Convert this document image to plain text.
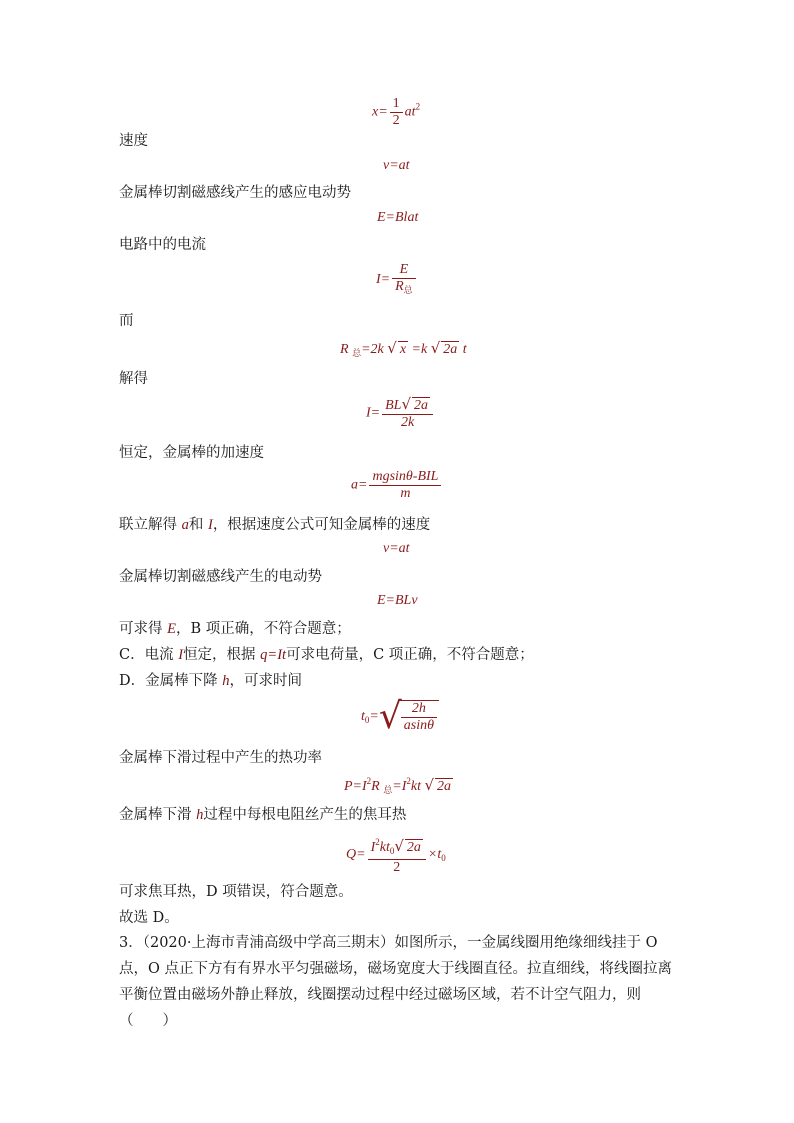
$x= \frac{1}{2} at^2$
速度
v=at
金属棒切割磁感线产生的感应电动势
E=Blat
电路中的电流
$I= \frac{E}{R_总}$
而
R $_总$=2k √ x =k √ 2a t
解得
$I= \frac{BL√ 2a}{2k}$
恒定，金属棒的加速度
$a= \frac{\text{mgsinθ-BIL}}{m}$
联立解得 a和 I，根据速度公式可知金属棒的速度
v=at
金属棒切割磁感线产生的电动势
E=BLv
可求得 E，B 项正确，不符合题意；
C．电流 I恒定，根据 q=It可求电荷量，C 项正确，不符合题意；
D．金属棒下降 h，可求时间
$t_0=√ \frac{2h}{asin\theta}$
金属棒下滑过程中产生的热功率
$P=I^2R$ $_总=I^2kt$ √ 2a
金属棒下滑 h过程中每根电阻丝产生的焦耳热
$Q= \frac{I^2kt_0√ 2a}{2} \times t_0$
可求焦耳热，D 项错误，符合题意。
故选 D。
3．（2020·上海市青浦高级中学高三期末）如图所示，一金属线圈用绝缘细线挂于 O 点，O 点正下方有有界水平匀强磁场，磁场宽度大于线圈直径。拉直细线，将线圈拉离平衡位置由磁场外静止释放，线圈摆动过程中经过磁场区域，若不计空气阻力，则（　　）
